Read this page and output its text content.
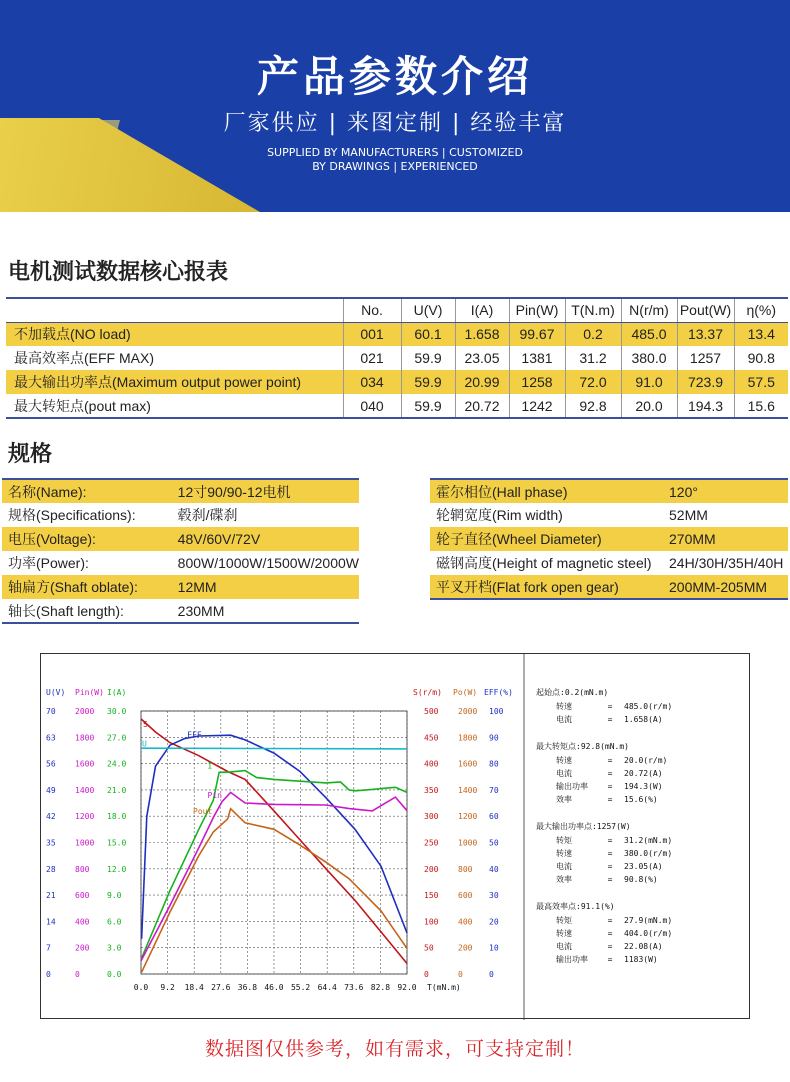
产品参数介绍
厂家供应 | 来图定制 | 经验丰富
SUPPLIED BY MANUFACTURERS | CUSTOMIZED
BY DRAWINGS | EXPERIENCED
电机测试数据核心报表
	No.	U(V)	I(A)	Pin(W)	T(N.m)	N(r/m)	Pout(W)	η(%)
不加载点(NO load)	001	60.1	1.658	99.67	0.2	485.0	13.37	13.4
最高效率点(EFF MAX)	021	59.9	23.05	1381	31.2	380.0	1257	90.8
最大输出功率点(Maximum output power point)	034	59.9	20.99	1258	72.0	91.0	723.9	57.5
最大转矩点(pout max)	040	59.9	20.72	1242	92.8	20.0	194.3	15.6
规格
名称(Name):	12寸90/90-12电机
规格(Specifications):	毂刹/碟刹
电压(Voltage):	48V/60V/72V
功率(Power):	800W/1000W/1500W/2000W
轴扁方(Shaft oblate):	12MM
轴长(Shaft length):	230MM
霍尔相位(Hall phase)	120°
轮辋宽度(Rim width)	52MM
轮子直径(Wheel Diameter)	270MM
磁钢高度(Height of magnetic steel)	24H/30H/35H/40H
平叉开档(Flat fork open gear)	200MM-205MM
U(V) Pin(W) I(A)	S(r/m) Po(W) EFF(%)
70 2000 30.0	500 2000 100
63 1800 27.0	450 1800 90
56 1600 24.0	400 1600 80
49 1400 21.0	350 1400 70
42 1200 18.0	300 1200 60
35 1000 15.0	250 1000 50
28 800 12.0	200 800 40
21 600 9.0	150 600 30
14 400 6.0	100 400 20
7	200 3.0	50	200 10
0	0	0.0	0	0	0
0.0 9.2 18.4 27.6 36.8 46.0 55.2 64.4 73.6 82.8 92.0 T(mN.m)
S
EFF
U
I
Pin
Pout
起始点:0.2(mN.m)
转速	=	485.0(r/m)
电流	=	1.658(A)
最大转矩点:92.8(mN.m)
转速	=	20.0(r/m)
电流	=	20.72(A)
输出功率	=	194.3(W)
效率	=	15.6(%)
最大输出功率点:1257(W)
转矩	=	31.2(mN.m)
转速	=	380.0(r/m)
电流	=	23.05(A)
效率	=	90.8(%)
最高效率点:91.1(%)
转矩	=	27.9(mN.m)
转速	=	404.0(r/m)
电流	=	22.08(A)
输出功率	=	1183(W)
数据图仅供参考，如有需求，可支持定制！
